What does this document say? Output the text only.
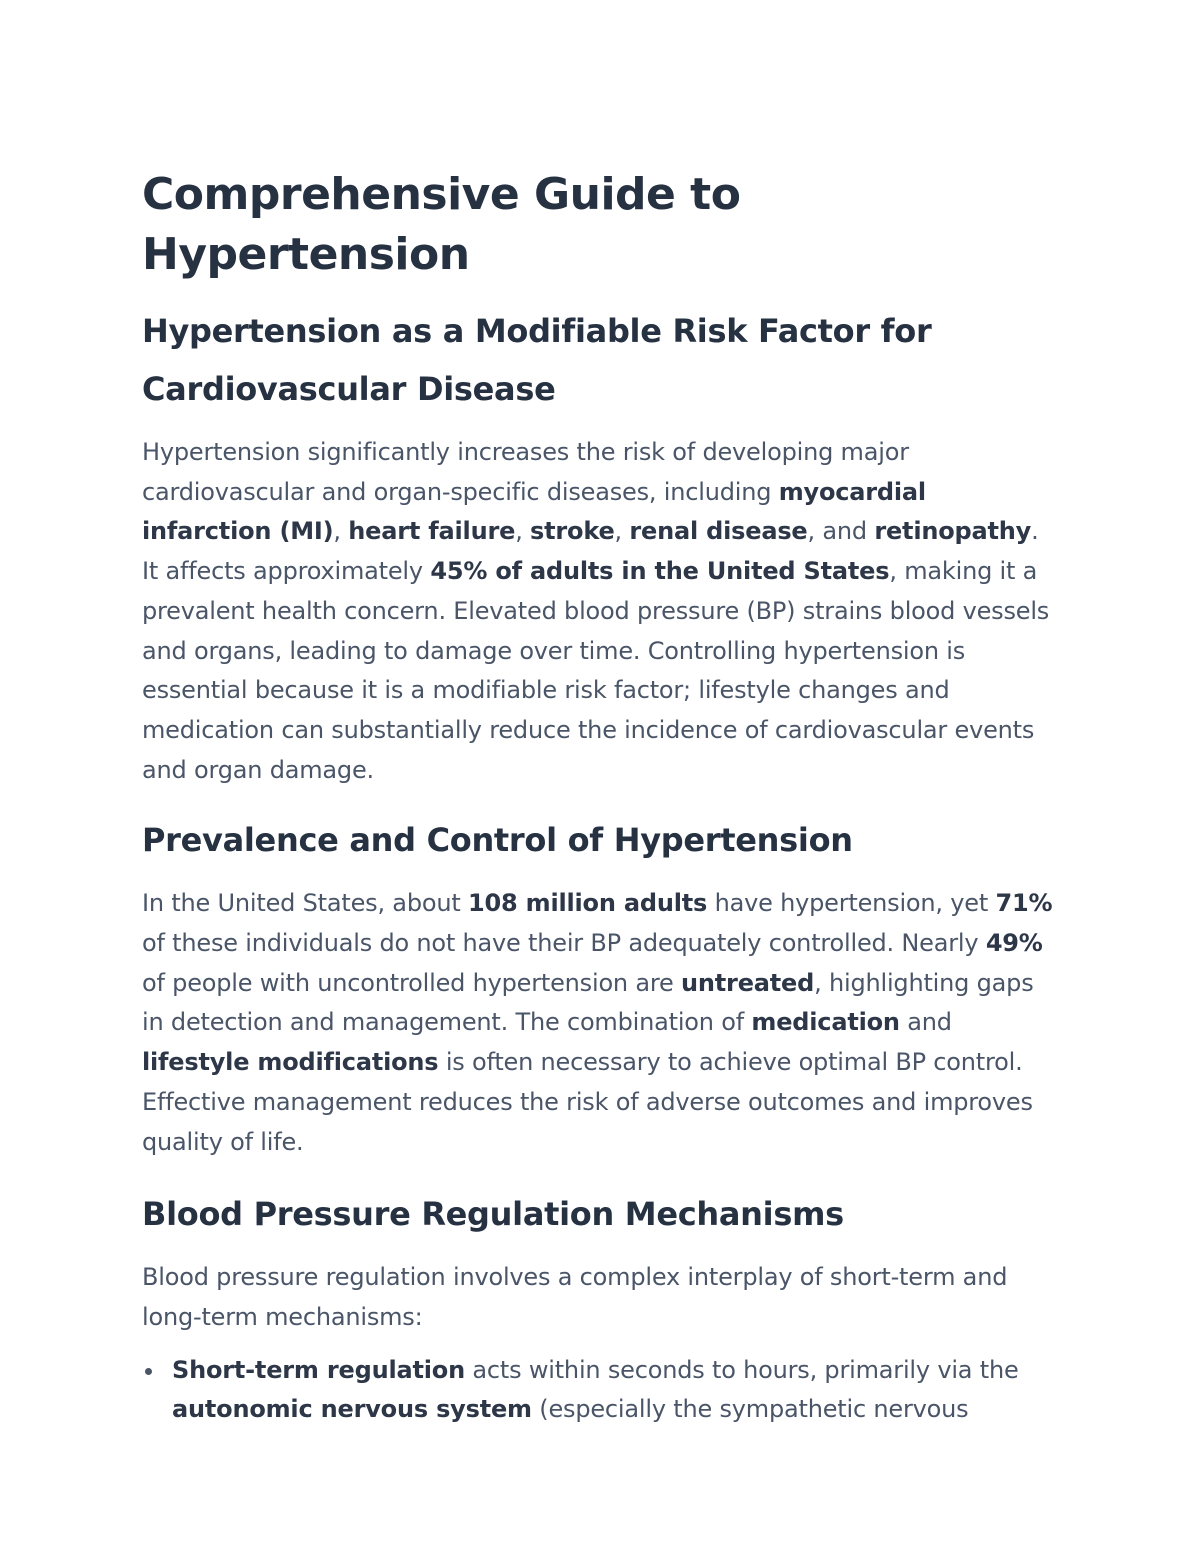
Comprehensive Guide to Hypertension
Hypertension as a Modifiable Risk Factor for Cardiovascular Disease

Hypertension significantly increases the risk of developing major cardiovascular and organ-specific diseases, including myocardial infarction (MI), heart failure, stroke, renal disease, and retinopathy. It affects approximately 45% of adults in the United States, making it a prevalent health concern. Elevated blood pressure (BP) strains blood vessels and organs, leading to damage over time. Controlling hypertension is essential because it is a modifiable risk factor; lifestyle changes and medication can substantially reduce the incidence of cardiovascular events and organ damage.

Prevalence and Control of Hypertension

In the United States, about 108 million adults have hypertension, yet 71% of these individuals do not have their BP adequately controlled. Nearly 49% of people with uncontrolled hypertension are untreated, highlighting gaps in detection and management. The combination of medication and lifestyle modifications is often necessary to achieve optimal BP control. Effective management reduces the risk of adverse outcomes and improves quality of life.

Blood Pressure Regulation Mechanisms

Blood pressure regulation involves a complex interplay of short-term and long-term mechanisms:

Short-term regulation acts within seconds to hours, primarily via the autonomic nervous system (especially the sympathetic nervous
